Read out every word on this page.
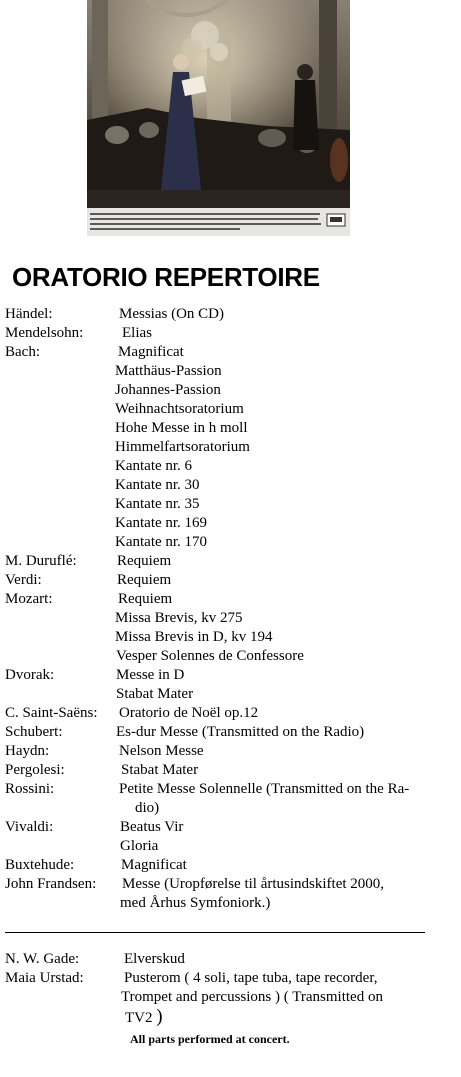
ORATORIO REPERTOIRE
Händel:	Messias (On CD)
Mendelsohn:	Elias
Bach:	Magnificat
Matthäus-Passion
Johannes-Passion
Weihnachtsoratorium
Hohe Messe in h moll
Himmelfartsoratorium
Kantate nr. 6
Kantate nr. 30
Kantate nr. 35
Kantate nr. 169
Kantate nr. 170
M. Duruflé:	Requiem
Verdi:	Requiem
Mozart:	Requiem
Missa Brevis, kv 275
Missa Brevis in D, kv 194
Vesper Solennes de Confessore
Dvorak:	Messe in D
Stabat Mater
C. Saint-Saëns: Oratorio de Noël op.12
Schubert:	Es-dur Messe (Transmitted on the Radio)
Haydn:	Nelson Messe
Pergolesi:	Stabat Mater
Rossini:	Petite Messe Solennelle (Transmitted on the Ra-
dio)
Vivaldi:	Beatus Vir
Gloria
Buxtehude:	Magnificat
John Frandsen: Messe (Uropførelse til årtusindskiftet 2000,
med Århus Symfoniork.)
N. W. Gade:	Elverskud
Maia Urstad:	Pusterom ( 4 soli, tape tuba, tape recorder,
Trompet and percussions ) ( Transmitted on
TV2 )
All parts performed at concert.
